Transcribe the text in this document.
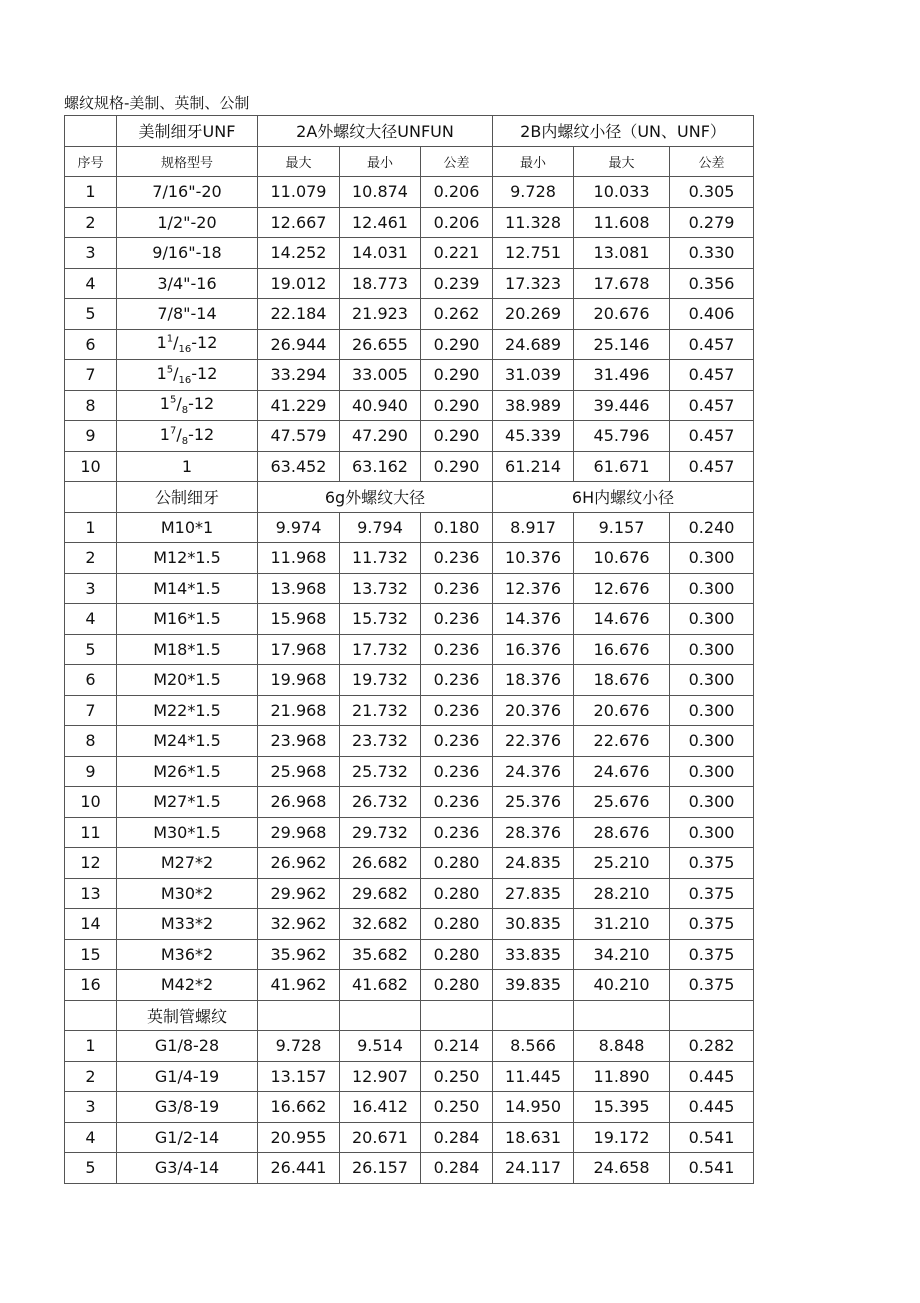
螺纹规格-美制、英制、公制
	美制细牙UNF	2A外螺纹大径UNFUN			2B内螺纹小径（UN、UNF）		
序号	规格型号	最大	最小	公差	最小	最大	公差
1	7/16"-20	11.079	10.874	0.206	9.728	10.033	0.305
2	1/2"-20	12.667	12.461	0.206	11.328	11.608	0.279
3	9/16"-18	14.252	14.031	0.221	12.751	13.081	0.330
4	3/4"-16	19.012	18.773	0.239	17.323	17.678	0.356
5	7/8"-14	22.184	21.923	0.262	20.269	20.676	0.406
6	$1^1/_{16}-12$	26.944	26.655	0.290	24.689	25.146	0.457
7	$1^5/_{16}-12$	33.294	33.005	0.290	31.039	31.496	0.457
8	$1^5/_8-12$	41.229	40.940	0.290	38.989	39.446	0.457
9	$1^7/_8-12$	47.579	47.290	0.290	45.339	45.796	0.457
10	1	63.452	63.162	0.290	61.214	61.671	0.457
	公制细牙	6g外螺纹大径			6H内螺纹小径		
1	M10*1	9.974	9.794	0.180	8.917	9.157	0.240
2	M12*1.5	11.968	11.732	0.236	10.376	10.676	0.300
3	M14*1.5	13.968	13.732	0.236	12.376	12.676	0.300
4	M16*1.5	15.968	15.732	0.236	14.376	14.676	0.300
5	M18*1.5	17.968	17.732	0.236	16.376	16.676	0.300
6	M20*1.5	19.968	19.732	0.236	18.376	18.676	0.300
7	M22*1.5	21.968	21.732	0.236	20.376	20.676	0.300
8	M24*1.5	23.968	23.732	0.236	22.376	22.676	0.300
9	M26*1.5	25.968	25.732	0.236	24.376	24.676	0.300
10	M27*1.5	26.968	26.732	0.236	25.376	25.676	0.300
11	M30*1.5	29.968	29.732	0.236	28.376	28.676	0.300
12	M27*2	26.962	26.682	0.280	24.835	25.210	0.375
13	M30*2	29.962	29.682	0.280	27.835	28.210	0.375
14	M33*2	32.962	32.682	0.280	30.835	31.210	0.375
15	M36*2	35.962	35.682	0.280	33.835	34.210	0.375
16	M42*2	41.962	41.682	0.280	39.835	40.210	0.375
	英制管螺纹						
1	G1/8-28	9.728	9.514	0.214	8.566	8.848	0.282
2	G1/4-19	13.157	12.907	0.250	11.445	11.890	0.445
3	G3/8-19	16.662	16.412	0.250	14.950	15.395	0.445
4	G1/2-14	20.955	20.671	0.284	18.631	19.172	0.541
5	G3/4-14	26.441	26.157	0.284	24.117	24.658	0.541
